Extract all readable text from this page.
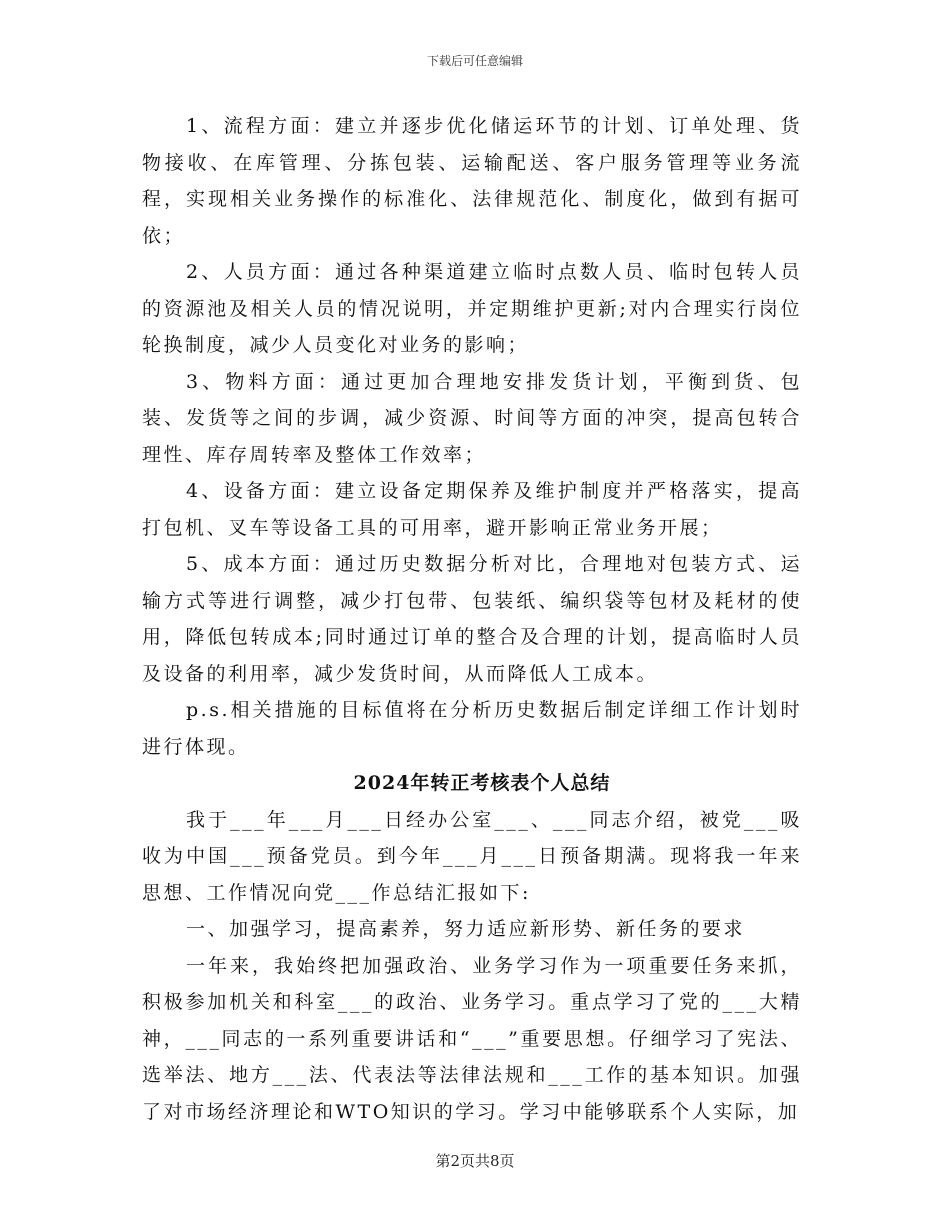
下载后可任意编辑

1、流程方面：建立并逐步优化储运环节的计划、订单处理、货物接收、在库管理、分拣包装、运输配送、客户服务管理等业务流程，实现相关业务操作的标准化、法律规范化、制度化，做到有据可依；

2、人员方面：通过各种渠道建立临时点数人员、临时包转人员的资源池及相关人员的情况说明，并定期维护更新;对内合理实行岗位轮换制度，减少人员变化对业务的影响；

3、物料方面：通过更加合理地安排发货计划，平衡到货、包装、发货等之间的步调，减少资源、时间等方面的冲突，提高包转合理性、库存周转率及整体工作效率；

4、设备方面：建立设备定期保养及维护制度并严格落实，提高打包机、叉车等设备工具的可用率，避开影响正常业务开展；

5、成本方面：通过历史数据分析对比，合理地对包装方式、运输方式等进行调整，减少打包带、包装纸、编织袋等包材及耗材的使用，降低包转成本;同时通过订单的整合及合理的计划，提高临时人员及设备的利用率，减少发货时间，从而降低人工成本。

p.s.相关措施的目标值将在分析历史数据后制定详细工作计划时进行体现。

2024年转正考核表个人总结

我于___年___月___日经办公室___、___同志介绍，被党___吸收为中国___预备党员。到今年___月___日预备期满。现将我一年来思想、工作情况向党___作总结汇报如下:

一、加强学习，提高素养，努力适应新形势、新任务的要求

一年来，我始终把加强政治、业务学习作为一项重要任务来抓，积极参加机关和科室___的政治、业务学习。重点学习了党的___大精神，___同志的一系列重要讲话和“___”重要思想。仔细学习了宪法、选举法、地方___法、代表法等法律法规和___工作的基本知识。加强了对市场经济理论和WTO知识的学习。学习中能够联系个人实际，加

第2页共8页
